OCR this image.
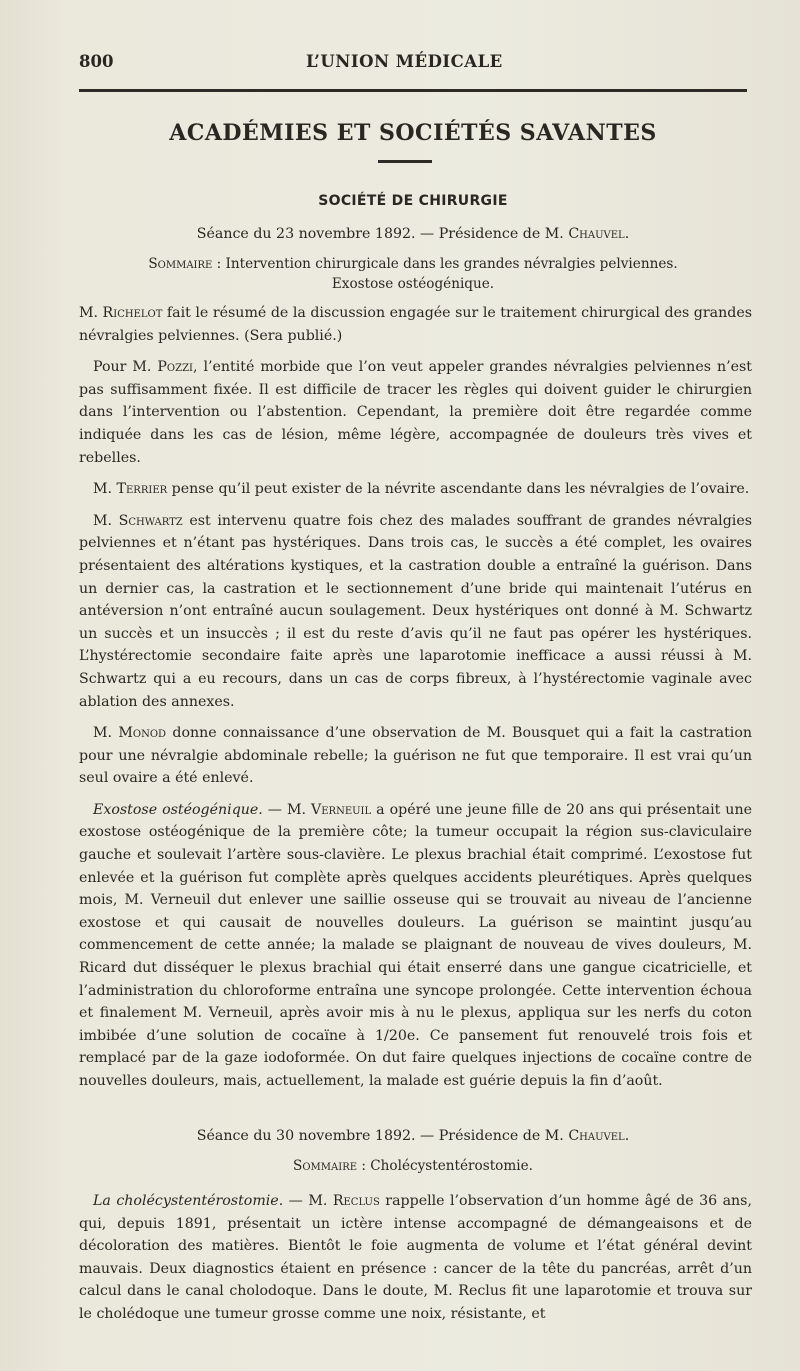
800	L’UNION MÉDICALE
ACADÉMIES ET SOCIÉTÉS SAVANTES
SOCIÉTÉ DE CHIRURGIE
Séance du 23 novembre 1892. — Présidence de M. Chauvel.
Sommaire : Intervention chirurgicale dans les grandes névralgies pelviennes.
Exostose ostéogénique.

M. Richelot fait le résumé de la discussion engagée sur le traitement chirurgical des grandes névralgies pelviennes. (Sera publié.)

Pour M. Pozzi, l’entité morbide que l’on veut appeler grandes névralgies pelviennes n’est pas suffisamment fixée. Il est difficile de tracer les règles qui doivent guider le chirurgien dans l’intervention ou l’abstention. Cependant, la première doit être regardée comme indiquée dans les cas de lésion, même légère, accompagnée de douleurs très vives et rebelles.

M. Terrier pense qu’il peut exister de la névrite ascendante dans les névralgies de l’ovaire.

M. Schwartz est intervenu quatre fois chez des malades souffrant de grandes névralgies pelviennes et n’étant pas hystériques. Dans trois cas, le succès a été complet, les ovaires présentaient des altérations kystiques, et la castration double a entraîné la guérison. Dans un dernier cas, la castration et le sectionnement d’une bride qui maintenait l’utérus en antéversion n’ont entraîné aucun soulagement. Deux hystériques ont donné à M. Schwartz un succès et un insuccès ; il est du reste d’avis qu’il ne faut pas opérer les hystériques. L’hystérectomie secondaire faite après une laparotomie inefficace a aussi réussi à M. Schwartz qui a eu recours, dans un cas de corps fibreux, à l’hystérectomie vaginale avec ablation des annexes.

M. Monod donne connaissance d’une observation de M. Bousquet qui a fait la castration pour une névralgie abdominale rebelle; la guérison ne fut que temporaire. Il est vrai qu’un seul ovaire a été enlevé.

Exostose ostéogénique. — M. Verneuil a opéré une jeune fille de 20 ans qui présentait une exostose ostéogénique de la première côte; la tumeur occupait la région sus-claviculaire gauche et soulevait l’artère sous-clavière. Le plexus brachial était comprimé. L’exostose fut enlevée et la guérison fut complète après quelques accidents pleurétiques. Après quelques mois, M. Verneuil dut enlever une saillie osseuse qui se trouvait au niveau de l’ancienne exostose et qui causait de nouvelles douleurs. La guérison se maintint jusqu’au commencement de cette année; la malade se plaignant de nouveau de vives douleurs, M. Ricard dut disséquer le plexus brachial qui était enserré dans une gangue cicatricielle, et l’administration du chloroforme entraîna une syncope prolongée. Cette intervention échoua et finalement M. Verneuil, après avoir mis à nu le plexus, appliqua sur les nerfs du coton imbibée d’une solution de cocaïne à 1/20e. Ce pansement fut renouvelé trois fois et remplacé par de la gaze iodoformée. On dut faire quelques injections de cocaïne contre de nouvelles douleurs, mais, actuellement, la malade est guérie depuis la fin d’août.

Séance du 30 novembre 1892. — Présidence de M. Chauvel.
Sommaire : Cholécystentérostomie.

La cholécystentérostomie. — M. Reclus rappelle l’observation d’un homme âgé de 36 ans, qui, depuis 1891, présentait un ictère intense accompagné de démangeaisons et de décoloration des matières. Bientôt le foie augmenta de volume et l’état général devint mauvais. Deux diagnostics étaient en présence : cancer de la tête du pancréas, arrêt d’un calcul dans le canal cholodoque. Dans le doute, M. Reclus fit une laparotomie et trouva sur le cholédoque une tumeur grosse comme une noix, résistante, et
